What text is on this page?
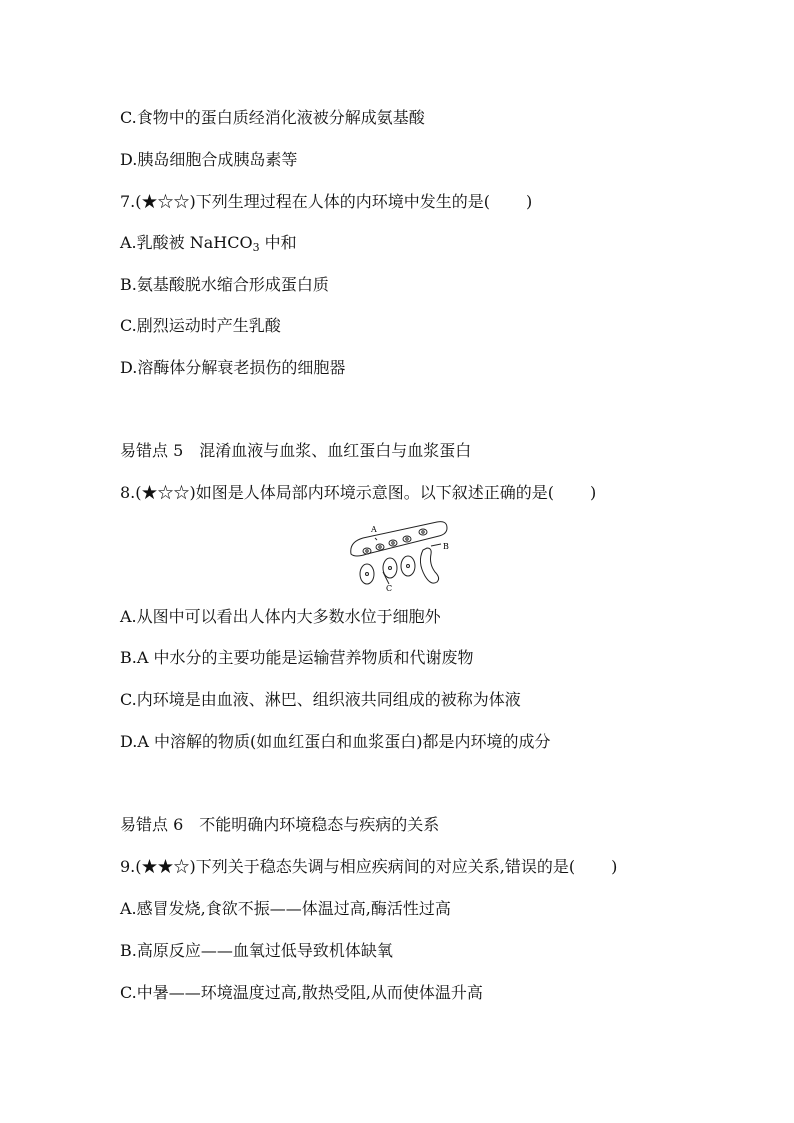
C.食物中的蛋白质经消化液被分解成氨基酸
D.胰岛细胞合成胰岛素等
7.(★☆☆)下列生理过程在人体的内环境中发生的是( )
A.乳酸被 NaHCO$_3$ 中和
B.氨基酸脱水缩合形成蛋白质
C.剧烈运动时产生乳酸
D.溶酶体分解衰老损伤的细胞器
易错点 5 混淆血液与血浆、血红蛋白与血浆蛋白
8.(★☆☆)如图是人体局部内环境示意图。以下叙述正确的是( )
A
B
C
A.从图中可以看出人体内大多数水位于细胞外
B.A 中水分的主要功能是运输营养物质和代谢废物
C.内环境是由血液、淋巴、组织液共同组成的被称为体液
D.A 中溶解的物质(如血红蛋白和血浆蛋白)都是内环境的成分
易错点 6 不能明确内环境稳态与疾病的关系
9.(★★☆)下列关于稳态失调与相应疾病间的对应关系,错误的是( )
A.感冒发烧,食欲不振——体温过高,酶活性过高
B.高原反应——血氧过低导致机体缺氧
C.中暑——环境温度过高,散热受阻,从而使体温升高
